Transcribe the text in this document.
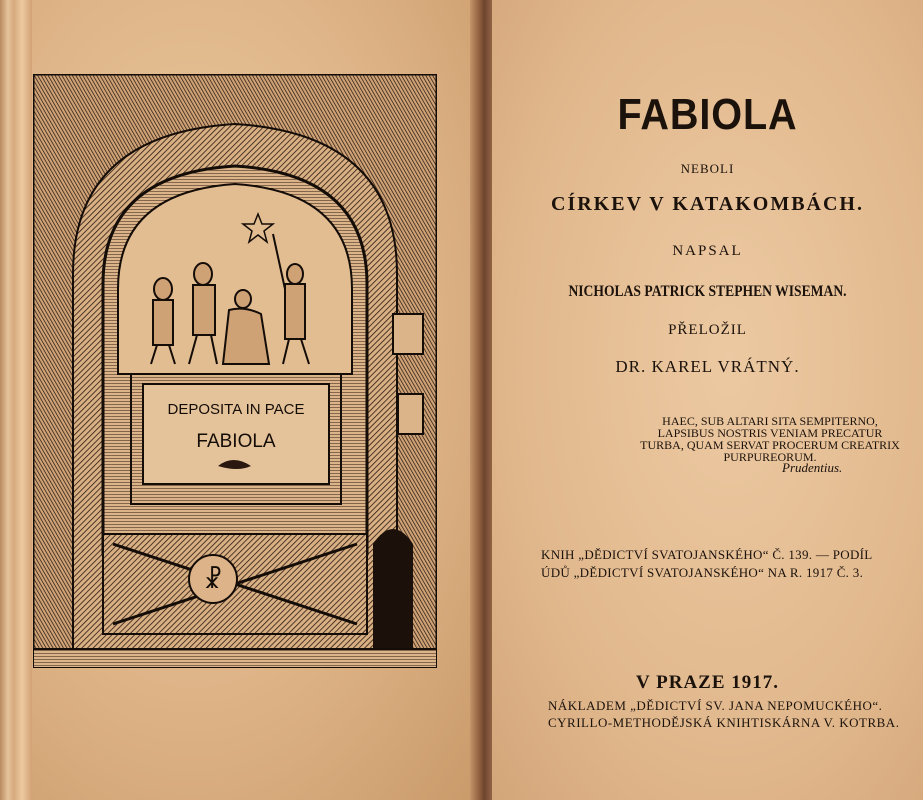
DEPOSITA IN PACE
FABIOLA
☧
FABIOLA
NEBOLI
CÍRKEV V KATAKOMBÁCH.
NAPSAL
NICHOLAS PATRICK STEPHEN WISEMAN.
PŘELOŽIL
DR. KAREL VRÁTNÝ.
HAEC, SUB ALTARI SITA SEMPITERNO,
LAPSIBUS NOSTRIS VENIAM PRECATUR
TURBA, QUAM SERVAT PROCERUM CREATRIX
PURPUREORUM.
Prudentius.
KNIH „DĚDICTVÍ SVATOJANSKÉHO“ Č. 139. — PODÍL
ÚDŮ „DĚDICTVÍ SVATOJANSKÉHO“ NA R. 1917 Č. 3.
V PRAZE 1917.
NÁKLADEM „DĚDICTVÍ SV. JANA NEPOMUCKÉHO“.
CYRILLO-METHODĚJSKÁ KNIHTISKÁRNA V. KOTRBA.
